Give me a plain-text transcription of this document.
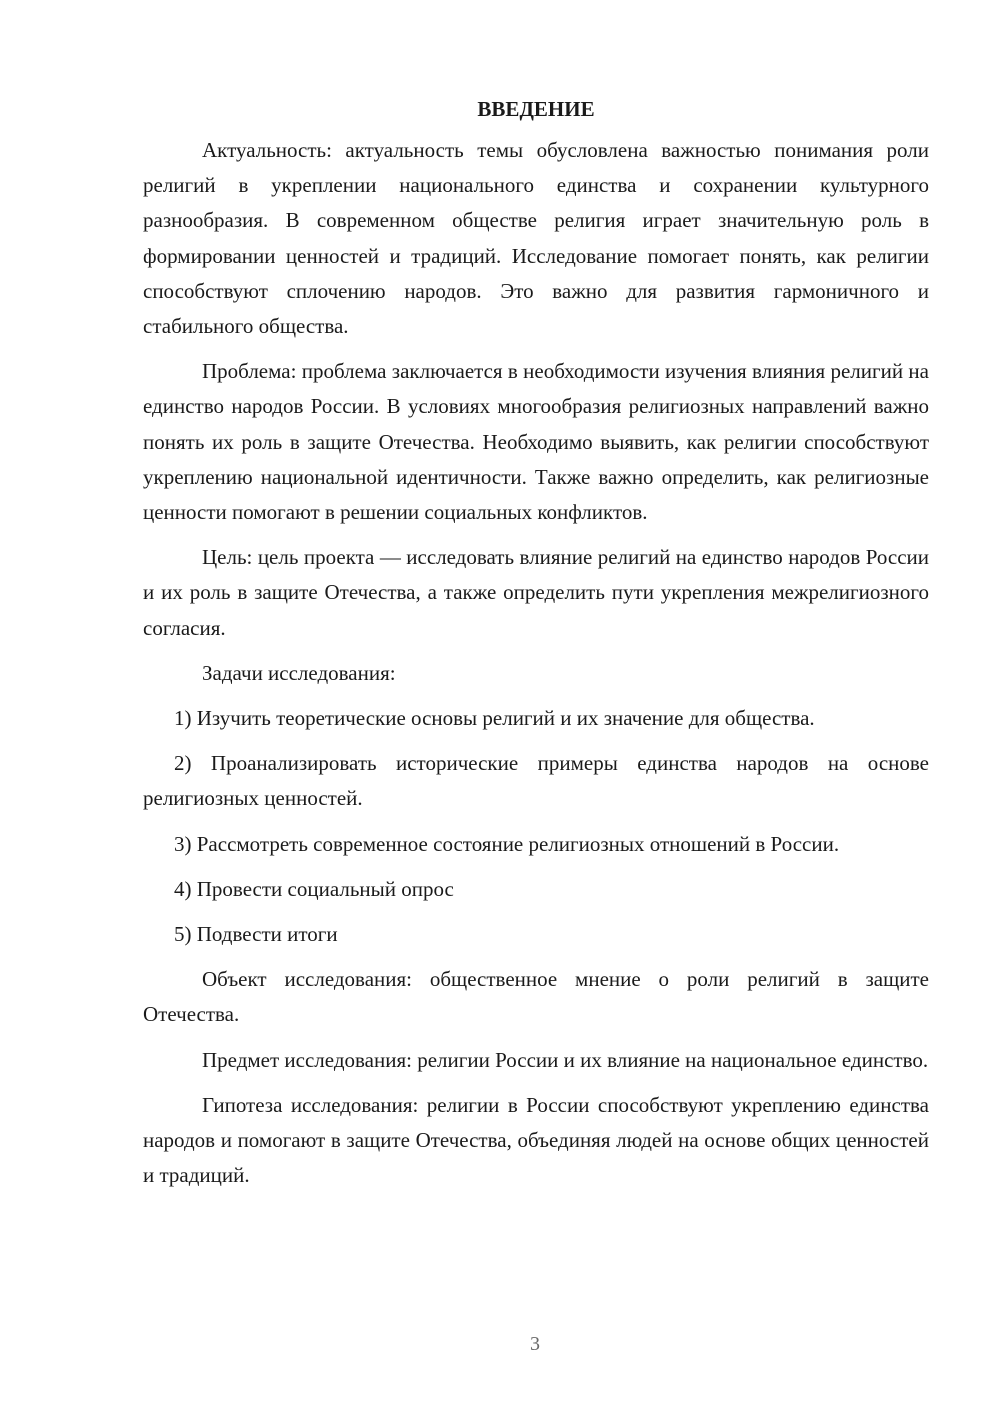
ВВЕДЕНИЕ

Актуальность: актуальность темы обусловлена важностью понимания роли религий в укреплении национального единства и сохранении культурного разнообразия. В современном обществе религия играет значительную роль в формировании ценностей и традиций. Исследование помогает понять, как религии способствуют сплочению народов. Это важно для развития гармоничного и стабильного общества.

Проблема: проблема заключается в необходимости изучения влияния религий на единство народов России. В условиях многообразия религиозных направлений важно понять их роль в защите Отечества. Необходимо выявить, как религии способствуют укреплению национальной идентичности. Также важно определить, как религиозные ценности помогают в решении социальных конфликтов.

Цель: цель проекта — исследовать влияние религий на единство народов России и их роль в защите Отечества, а также определить пути укрепления межрелигиозного согласия.

Задачи исследования:

1) Изучить теоретические основы религий и их значение для общества.

2) Проанализировать исторические примеры единства народов на основе религиозных ценностей.

3) Рассмотреть современное состояние религиозных отношений в России.

4) Провести социальный опрос

5) Подвести итоги

Объект исследования: общественное мнение о роли религий в защите Отечества.

Предмет исследования: религии России и их влияние на национальное единство.

Гипотеза исследования: религии в России способствуют укреплению единства народов и помогают в защите Отечества, объединяя людей на основе общих ценностей и традиций.

3
